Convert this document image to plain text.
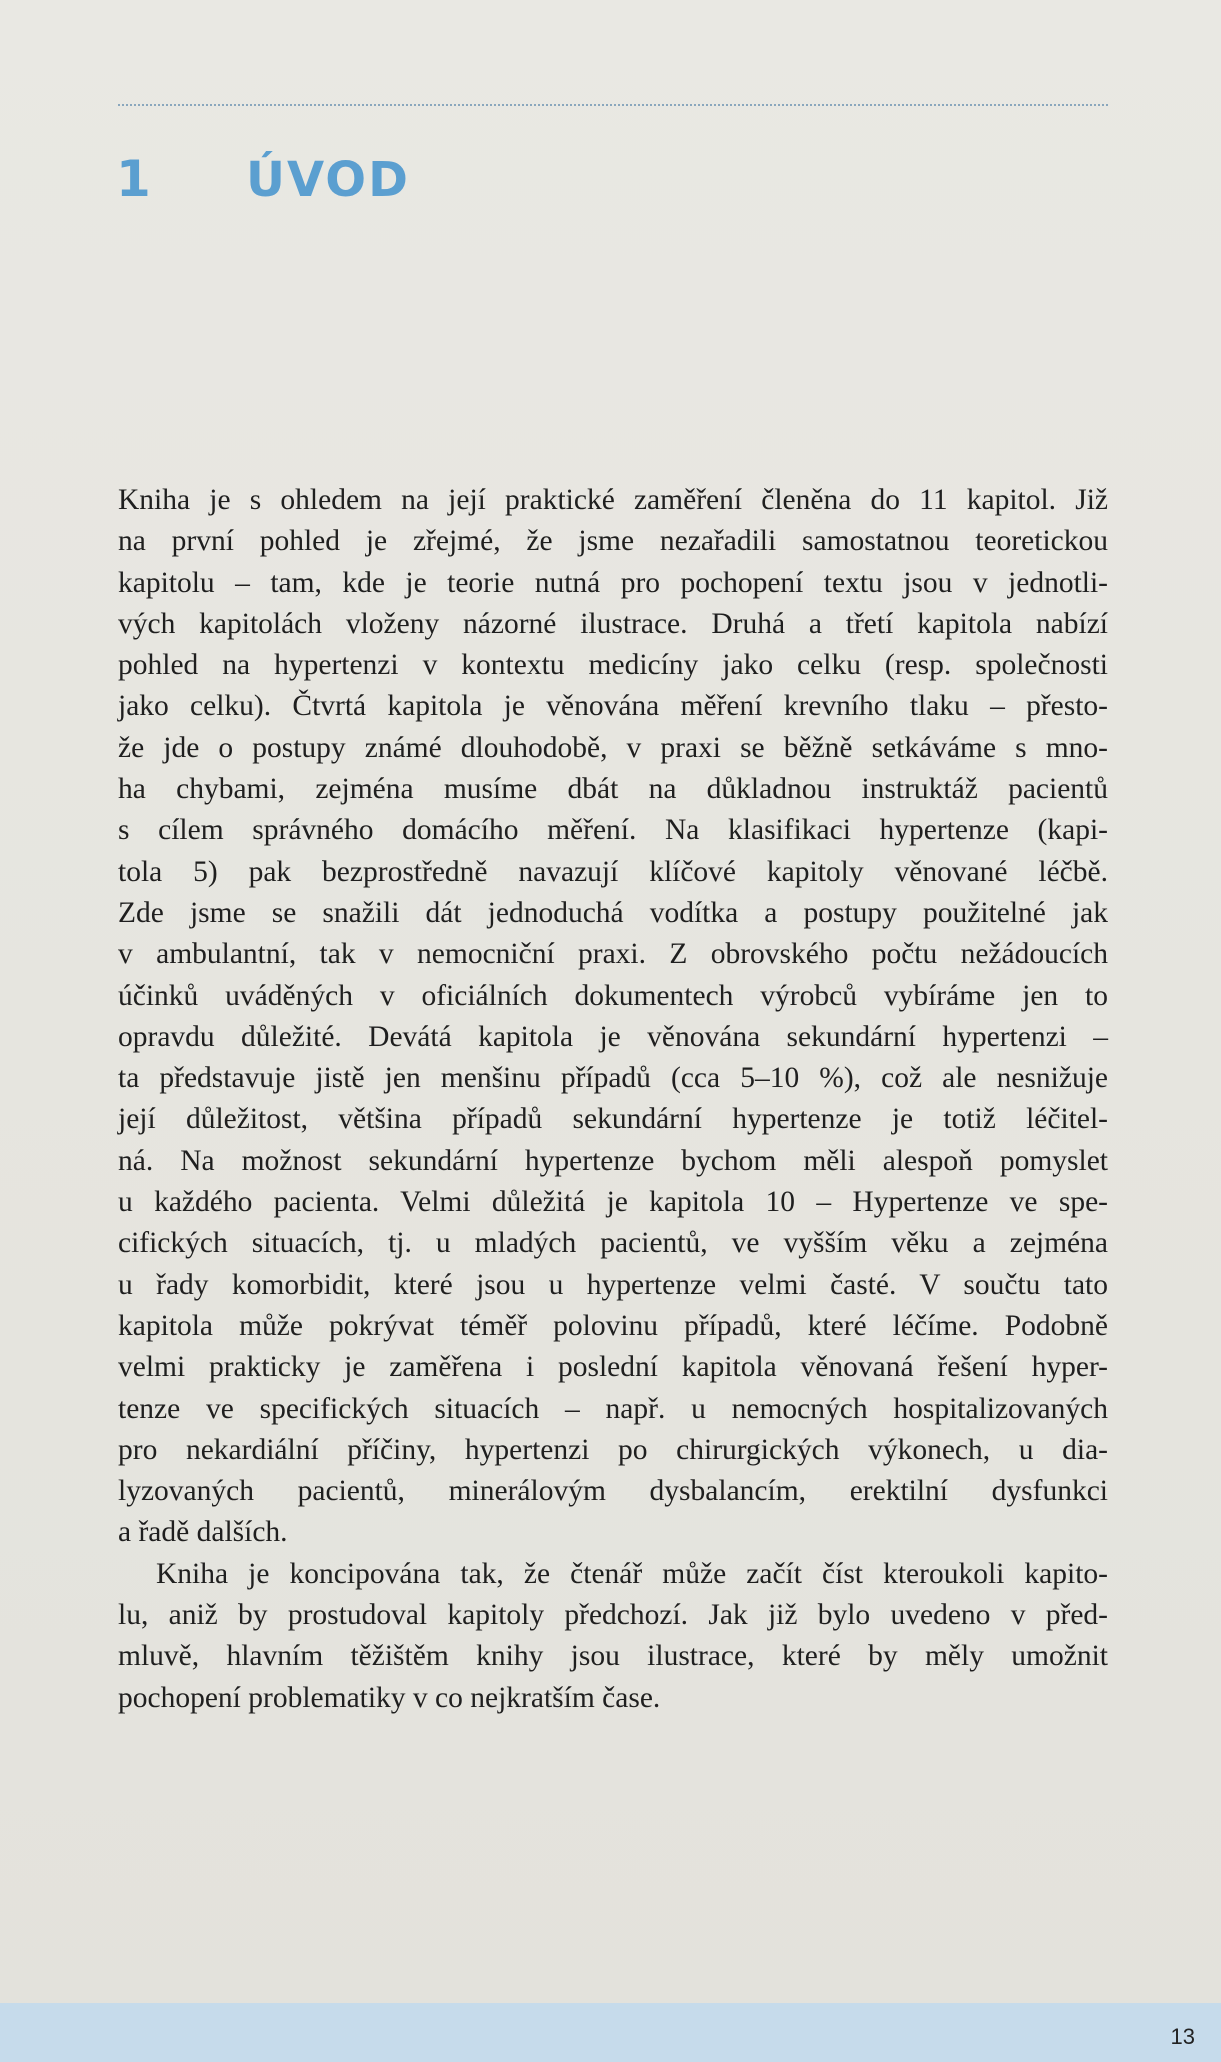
1	ÚVOD
Kniha je s ohledem na její praktické zaměření členěna do 11 kapitol. Již
na první pohled je zřejmé, že jsme nezařadili samostatnou teoretickou
kapitolu – tam, kde je teorie nutná pro pochopení textu jsou v jednotli-
vých kapitolách vloženy názorné ilustrace. Druhá a třetí kapitola nabízí
pohled na hypertenzi v kontextu medicíny jako celku (resp. společnosti
jako celku). Čtvrtá kapitola je věnována měření krevního tlaku – přesto-
že jde o postupy známé dlouhodobě, v praxi se běžně setkáváme s mno-
ha chybami, zejména musíme dbát na důkladnou instruktáž pacientů
s cílem správného domácího měření. Na klasifikaci hypertenze (kapi-
tola 5) pak bezprostředně navazují klíčové kapitoly věnované léčbě.
Zde jsme se snažili dát jednoduchá vodítka a postupy použitelné jak
v ambulantní, tak v nemocniční praxi. Z obrovského počtu nežádoucích
účinků uváděných v oficiálních dokumentech výrobců vybíráme jen to
opravdu důležité. Devátá kapitola je věnována sekundární hypertenzi –
ta představuje jistě jen menšinu případů (cca 5–10 %), což ale nesnižuje
její důležitost, většina případů sekundární hypertenze je totiž léčitel-
ná. Na možnost sekundární hypertenze bychom měli alespoň pomyslet
u každého pacienta. Velmi důležitá je kapitola 10 – Hypertenze ve spe-
cifických situacích, tj. u mladých pacientů, ve vyšším věku a zejména
u řady komorbidit, které jsou u hypertenze velmi časté. V součtu tato
kapitola může pokrývat téměř polovinu případů, které léčíme. Podobně
velmi prakticky je zaměřena i poslední kapitola věnovaná řešení hyper-
tenze ve specifických situacích – např. u nemocných hospitalizovaných
pro nekardiální příčiny, hypertenzi po chirurgických výkonech, u dia-
lyzovaných pacientů, minerálovým dysbalancím, erektilní dysfunkci
a řadě dalších.
Kniha je koncipována tak, že čtenář může začít číst kteroukoli kapito-
lu, aniž by prostudoval kapitoly předchozí. Jak již bylo uvedeno v před-
mluvě, hlavním těžištěm knihy jsou ilustrace, které by měly umožnit
pochopení problematiky v co nejkratším čase.
13
